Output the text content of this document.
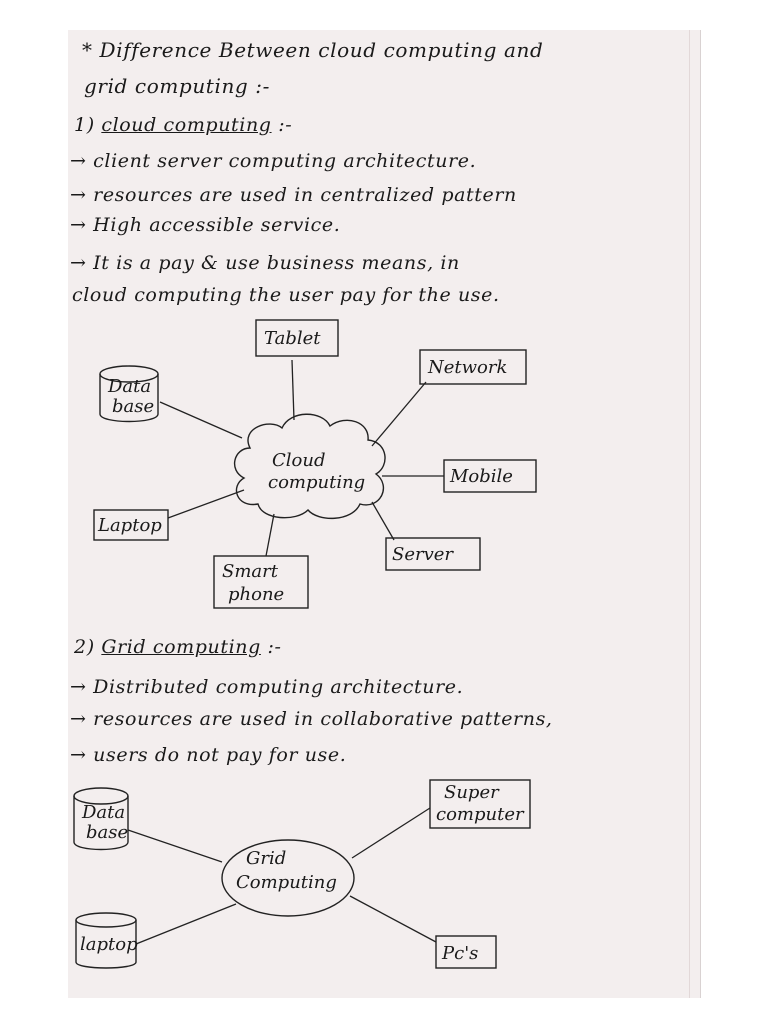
* Difference Between cloud computing and
grid computing :-
1) cloud computing :-
→ client server computing architecture.
→ resources are used in centralized pattern
→ High accessible service.
→ It is a pay & use business means, in
cloud computing the user pay for the use.
Cloud
computing
Tablet
Network
Data
base
Mobile
Laptop
Server
Smart
phone
2) Grid computing :-
→ Distributed computing architecture.
→ resources are used in collaborative patterns,
→ users do not pay for use.
Grid
Computing
Data
base
Super
computer
laptop	Pc's
